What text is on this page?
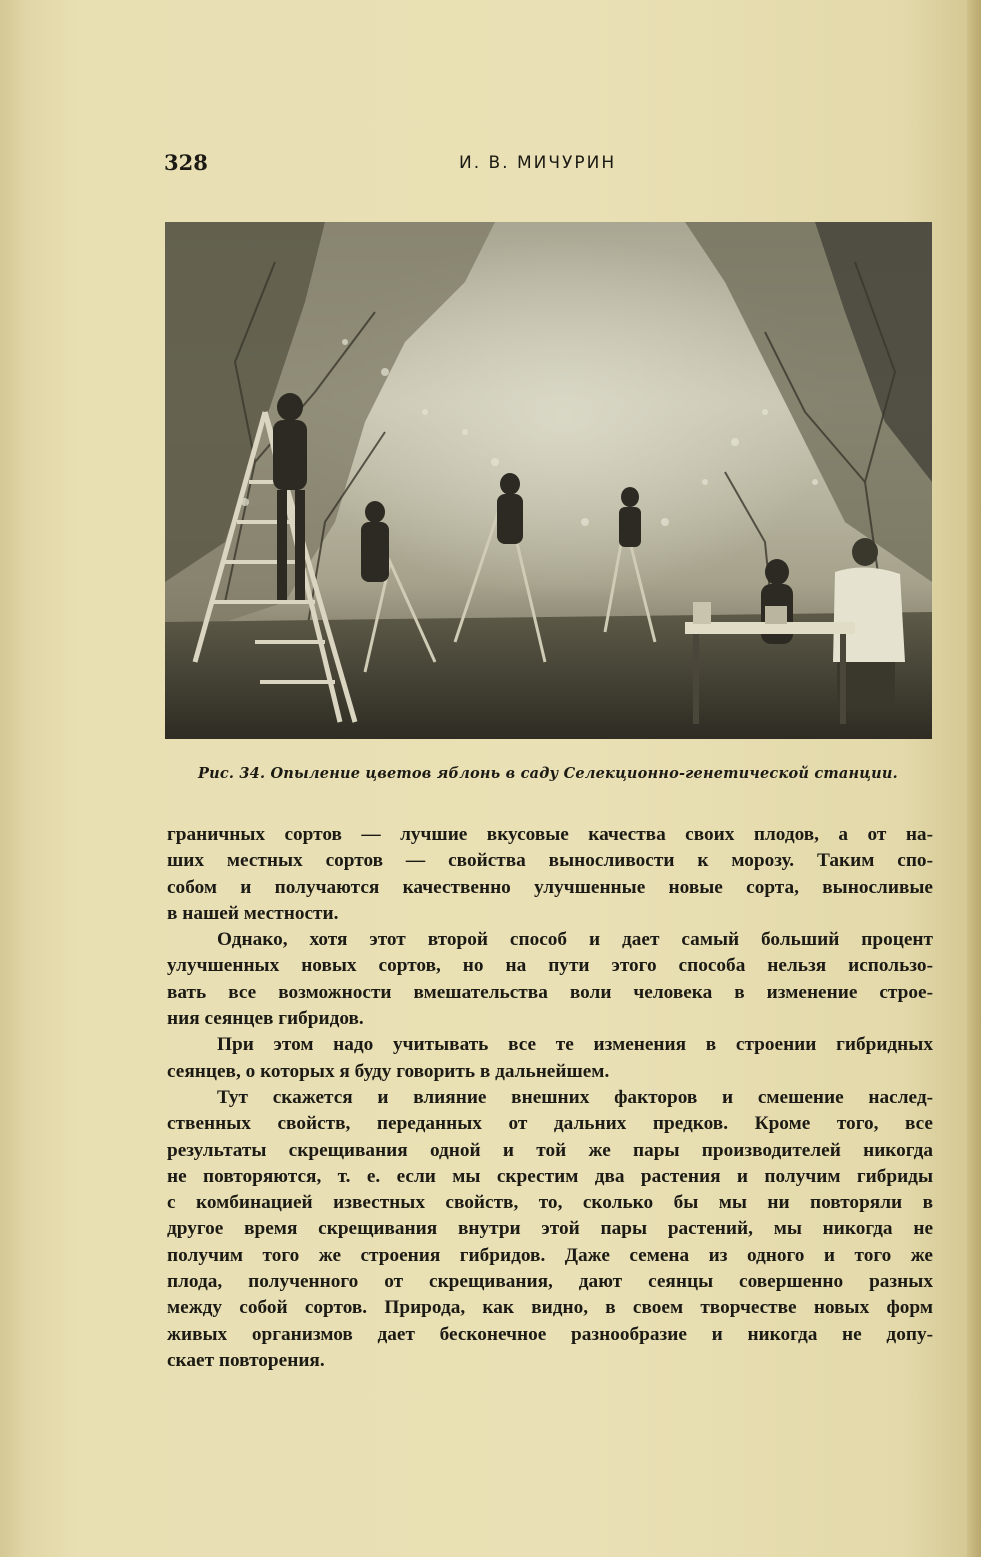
328	И. В. МИЧУРИН
Рис. 34. Опыление цветов яблонь в саду Селекционно-генетической станции.
граничных сортов — лучшие вкусовые качества своих плодов, а от на-
ших местных сортов — свойства выносливости к морозу. Таким спо-
собом и получаются качественно улучшенные новые сорта, выносливые
в нашей местности.
Однако, хотя этот второй способ и дает самый больший процент
улучшенных новых сортов, но на пути этого способа нельзя использо-
вать все возможности вмешательства воли человека в изменение строе-
ния сеянцев гибридов.
При этом надо учитывать все те изменения в строении гибридных
сеянцев, о которых я буду говорить в дальнейшем.
Тут скажется и влияние внешних факторов и смешение наслед-
ственных свойств, переданных от дальних предков. Кроме того, все
результаты скрещивания одной и той же пары производителей никогда
не повторяются, т. е. если мы скрестим два растения и получим гибриды
с комбинацией известных свойств, то, сколько бы мы ни повторяли в
другое время скрещивания внутри этой пары растений, мы никогда не
получим того же строения гибридов. Даже семена из одного и того же
плода, полученного от скрещивания, дают сеянцы совершенно разных
между собой сортов. Природа, как видно, в своем творчестве новых форм
живых организмов дает бесконечное разнообразие и никогда не допу-
скает повторения.
